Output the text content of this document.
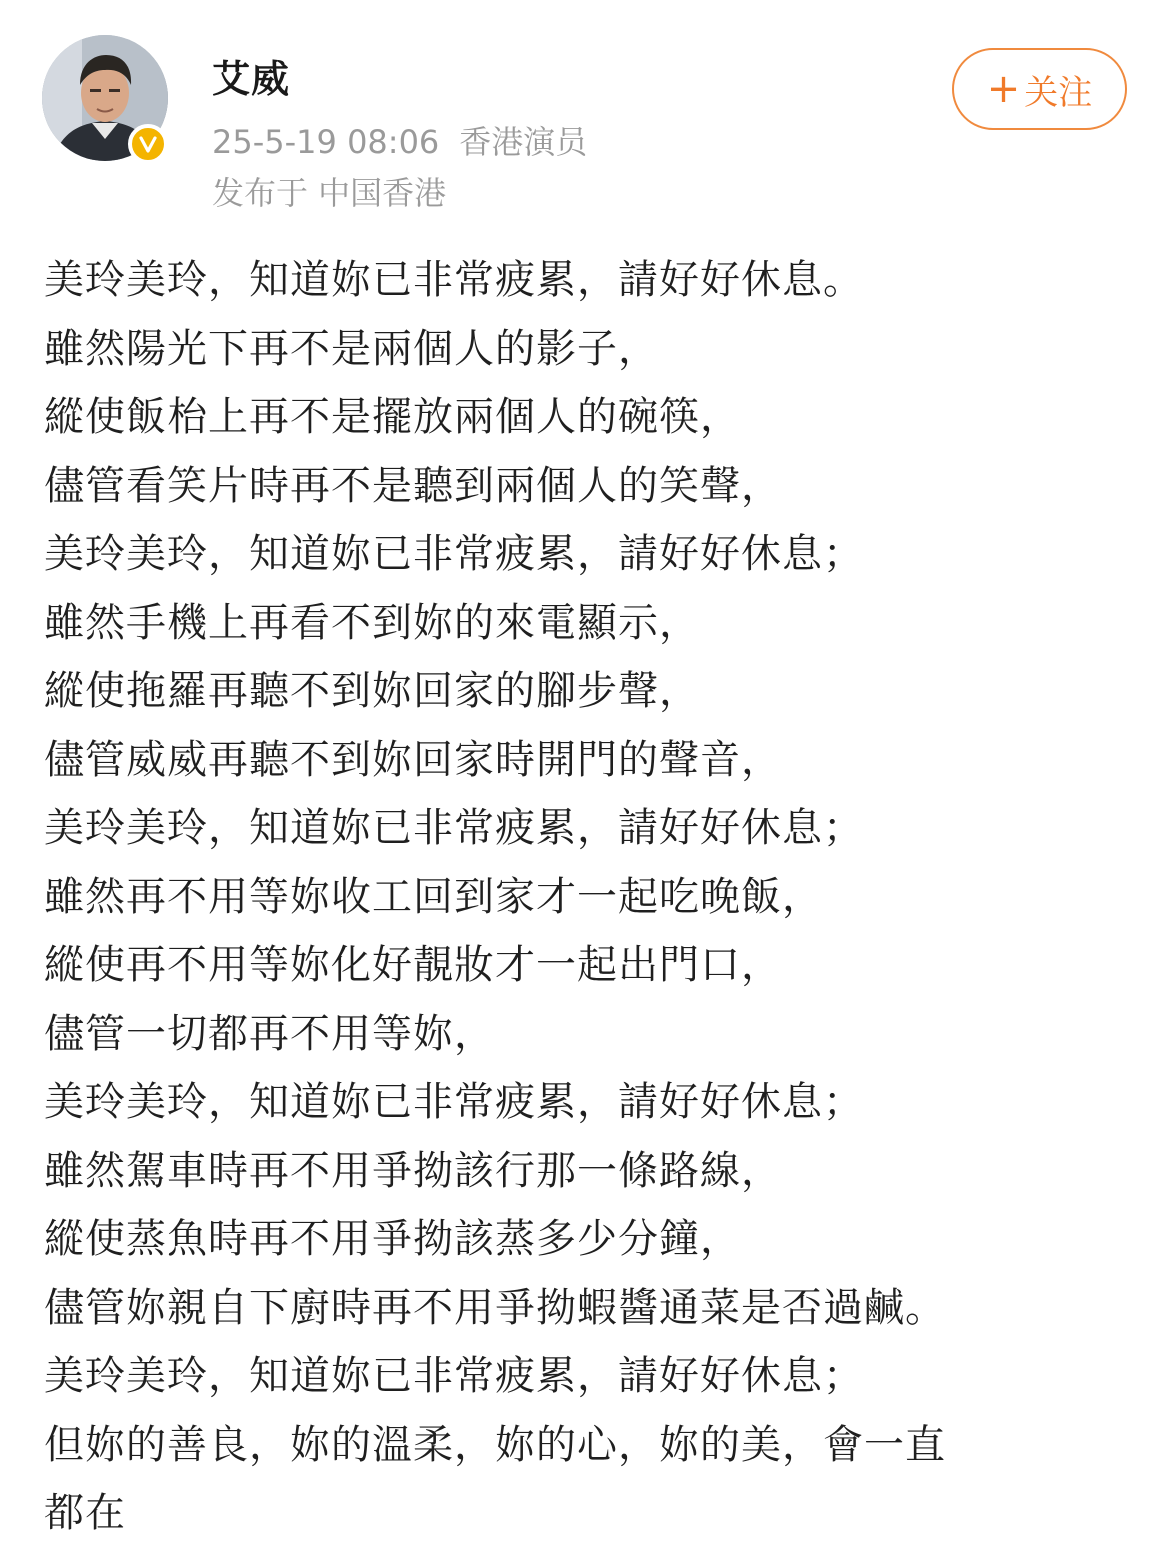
艾威
25-5-19 08:06 香港演员
发布于 中国香港
+ 关注
美玲美玲，知道妳已非常疲累，請好好休息。
雖然陽光下再不是兩個人的影子，
縱使飯枱上再不是擺放兩個人的碗筷，
儘管看笑片時再不是聽到兩個人的笑聲，
美玲美玲，知道妳已非常疲累，請好好休息；
雖然手機上再看不到妳的來電顯示，
縱使拖羅再聽不到妳回家的腳步聲，
儘管威威再聽不到妳回家時開門的聲音，
美玲美玲，知道妳已非常疲累，請好好休息；
雖然再不用等妳收工回到家才一起吃晚飯，
縱使再不用等妳化好靚妝才一起出門口，
儘管一切都再不用等妳，
美玲美玲，知道妳已非常疲累，請好好休息；
雖然駕車時再不用爭拗該行那一條路線，
縱使蒸魚時再不用爭拗該蒸多少分鐘，
儘管妳親自下廚時再不用爭拗蝦醬通菜是否過鹹。
美玲美玲，知道妳已非常疲累，請好好休息；
但妳的善良，妳的溫柔，妳的心，妳的美，會一直
都在
